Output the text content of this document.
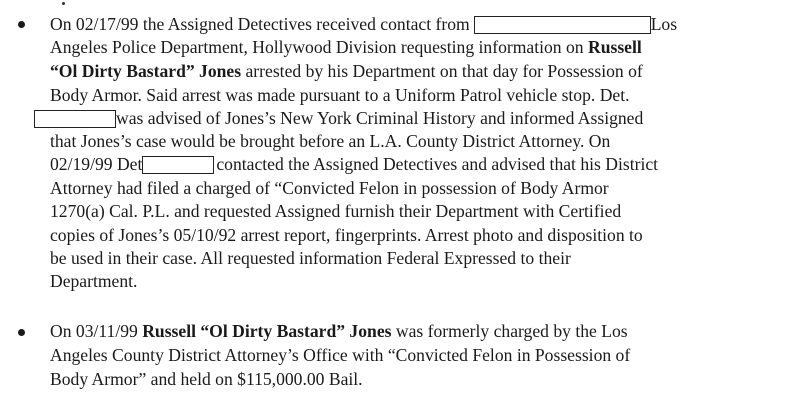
On 02/17/99 the Assigned Detectives received contact from	Los
Angeles Police Department, Hollywood Division requesting information on Russell
“Ol Dirty Bastard” Jones arrested by his Department on that day for Possession of
Body Armor. Said arrest was made pursuant to a Uniform Patrol vehicle stop. Det.
was advised of Jones’s New York Criminal History and informed Assigned
that Jones’s case would be brought before an L.A. County District Attorney. On
02/19/99 Det	contacted the Assigned Detectives and advised that his District
Attorney had filed a charged of “Convicted Felon in possession of Body Armor
1270(a) Cal. P.L. and requested Assigned furnish their Department with Certified
copies of Jones’s 05/10/92 arrest report, fingerprints. Arrest photo and disposition to
be used in their case. All requested information Federal Expressed to their
Department.
On 03/11/99 Russell “Ol Dirty Bastard” Jones was formerly charged by the Los
Angeles County District Attorney’s Office with “Convicted Felon in Possession of
Body Armor” and held on $115,000.00 Bail.
